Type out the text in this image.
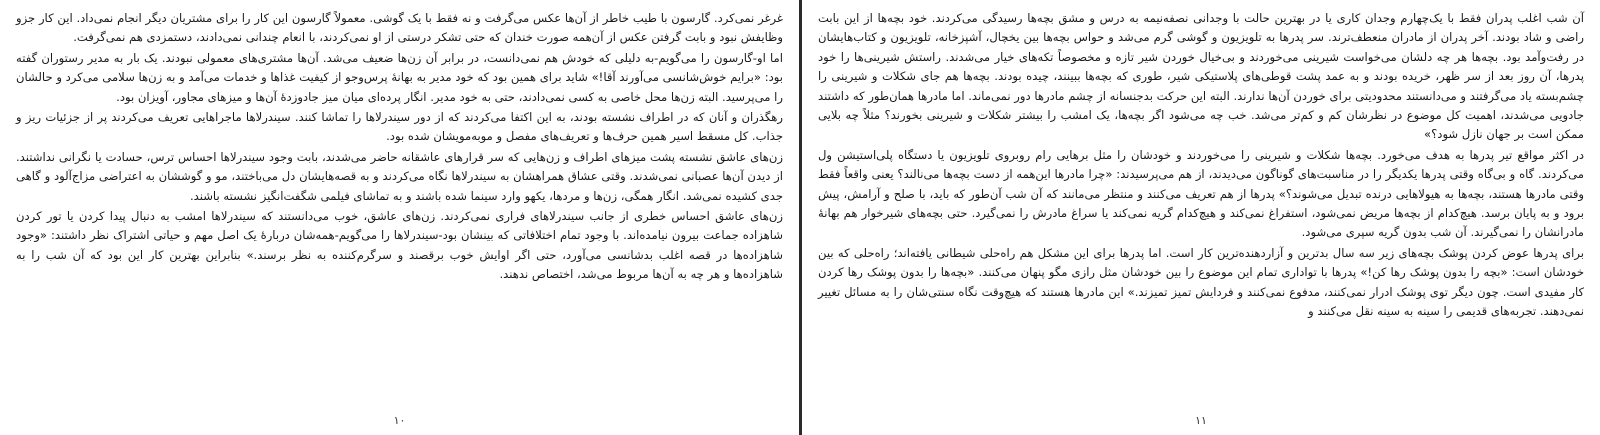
غرغر نمی‌کرد. گارسون با طیب خاطر از آن‌ها عکس می‌گرفت و نه فقط با یک گوشی. معمولاً گارسون این کار را برای مشتریان دیگر انجام نمی‌داد. این کار جزو وظایفش نبود و بابت گرفتن عکس از آن‌همه صورت خندان که حتی تشکر درستی از او نمی‌کردند، با انعام چندانی نمی‌دادند، دستمزدی هم نمی‌گرفت.

اما او-گارسون را می‌گویم-به دلیلی که خودش هم نمی‌دانست، در برابر آن زن‌ها ضعیف می‌شد. آن‌ها مشتری‌های معمولی نبودند. یک بار به مدیر رستوران گفته بود: «برایم خوش‌شانسی می‌آورند آقا!» شاید برای همین بود که خود مدیر به بهانهٔ پرس‌وجو از کیفیت غذاها و خدمات می‌آمد و به زن‌ها سلامی می‌کرد و حالشان را می‌پرسید. البته زن‌ها محل خاصی به کسی نمی‌دادند، حتی به خود مدیر. انگار پرده‌ای میان میز جادوزدهٔ آن‌ها و میزهای مجاور، آویزان بود.

رهگذران و آنان که در اطراف نشسته بودند، به این اکتفا می‌کردند که از دور سیندرلاها را تماشا کنند. سیندرلاها ماجراهایی تعریف می‌کردند پر از جزئیات ریز و جذاب. کل مسقط اسیر همین حرف‌ها و تعریف‌های مفصل و موبه‌مویشان شده بود.

زن‌های عاشق نشسته پشت میزهای اطراف و زن‌هایی که سر قرارهای عاشقانه حاضر می‌شدند، بابت وجود سیندرلاها احساس ترس، حسادت یا نگرانی نداشتند. از دیدن آن‌ها عصبانی نمی‌شدند. وقتی عشاق همراهشان به سیندرلاها نگاه می‌کردند و به قصه‌هایشان دل می‌باختند، مو و گوششان به اعتراضی مزاج‌آلود و گاهی جدی کشیده نمی‌شد. انگار همگی، زن‌ها و مردها، یکهو وارد سینما شده باشند و به تماشای فیلمی شگفت‌انگیز نشسته باشند.

زن‌های عاشق احساس خطری از جانب سیندرلاهای فراری نمی‌کردند. زن‌های عاشق، خوب می‌دانستند که سیندرلاها امشب به دنبال پیدا کردن یا تور کردن شاهزاده جماعت بیرون نیامده‌اند. با وجود تمام اختلافاتی که بینشان بود-سیندرلاها را می‌گویم-همه‌شان دربارهٔ یک اصل مهم و حیاتی اشتراک نظر داشتند: «وجود شاهزاده‌ها در قصه اغلب بدشانسی می‌آورد، حتی اگر اوایش خوب برقصند و سرگرم‌کننده به نظر برسند.» بنابراین بهترین کار این بود که آن شب را به شاهزاده‌ها و هر چه به آن‌ها مربوط می‌شد، اختصاص ندهند.

۱۰

آن شب اغلب پدران فقط با یک‌چهارم وجدان کاری یا در بهترین حالت با وجدانی نصفه‌نیمه به درس و مشق بچه‌ها رسیدگی می‌کردند. خود بچه‌ها از این بابت راضی و شاد بودند. آخر پدران از مادران منعطف‌ترند. سر پدرها به تلویزیون و گوشی گرم می‌شد و حواس بچه‌ها بین یخچال، آشپزخانه، تلویزیون و کتاب‌هایشان در رفت‌وآمد بود. بچه‌ها هر چه دلشان می‌خواست شیرینی می‌خوردند و بی‌خیال خوردن شیر تازه و مخصوصاً تکه‌های خیار می‌شدند. راستش شیرینی‌ها را خود پدرها، آن روز بعد از سر ظهر، خریده بودند و به عمد پشت قوطی‌های پلاستیکی شیر، طوری که بچه‌ها ببینند، چیده بودند. بچه‌ها هم جای شکلات و شیرینی را چشم‌بسته یاد می‌گرفتند و می‌دانستند محدودیتی برای خوردن آن‌ها ندارند. البته این حرکت بدجنسانه از چشم مادرها دور نمی‌ماند. اما مادرها همان‌طور که داشتند جادویی می‌شدند، اهمیت کل موضوع در نظرشان کم و کم‌تر می‌شد. خب چه می‌شود اگر بچه‌ها، یک امشب را بیشتر شکلات و شیرینی بخورند؟ مثلاً چه بلایی ممکن است بر جهان نازل شود؟»

در اکثر مواقع تیر پدرها به هدف می‌خورد. بچه‌ها شکلات و شیرینی را می‌خوردند و خودشان را مثل برهایی رام روبروی تلویزیون یا دستگاه پلی‌استیشن ول می‌کردند. گاه و بی‌گاه وقتی پدرها یکدیگر را در مناسبت‌های گوناگون می‌دیدند، از هم می‌پرسیدند: «چرا مادرها این‌همه از دست بچه‌ها می‌نالند؟ یعنی واقعاً فقط وقتی مادرها هستند، بچه‌ها به هیولاهایی درنده تبدیل می‌شوند؟» پدرها از هم تعریف می‌کنند و منتظر می‌مانند که آن شب آن‌طور که باید، با صلح و آرامش، پیش برود و به پایان برسد. هیچ‌کدام از بچه‌ها مریض نمی‌شود، استفراغ نمی‌کند و هیچ‌کدام گریه نمی‌کند یا سراغ مادرش را نمی‌گیرد. حتی بچه‌های شیرخوار هم بهانهٔ مادرانشان را نمی‌گیرند. آن شب بدون گریه سپری می‌شود.

برای پدرها عوض کردن پوشک بچه‌های زیر سه سال بدترین و آزاردهنده‌ترین کار است. اما پدرها برای این مشکل هم راه‌حلی شیطانی یافته‌اند؛ راه‌حلی که بین خودشان است: «بچه را بدون پوشک رها کن!» پدرها با تواداری تمام این موضوع را بین خودشان مثل رازی مگو پنهان می‌کنند. «بچه‌ها را بدون پوشک رها کردن کار مفیدی است. چون دیگر توی پوشک ادرار نمی‌کنند، مدفوع نمی‌کنند و فردایش تمیز تمیزند.» این مادرها هستند که هیچ‌وقت نگاه سنتی‌شان را به مسائل تغییر نمی‌دهند. تجربه‌های قدیمی را سینه به سینه نقل می‌کنند و

۱۱
